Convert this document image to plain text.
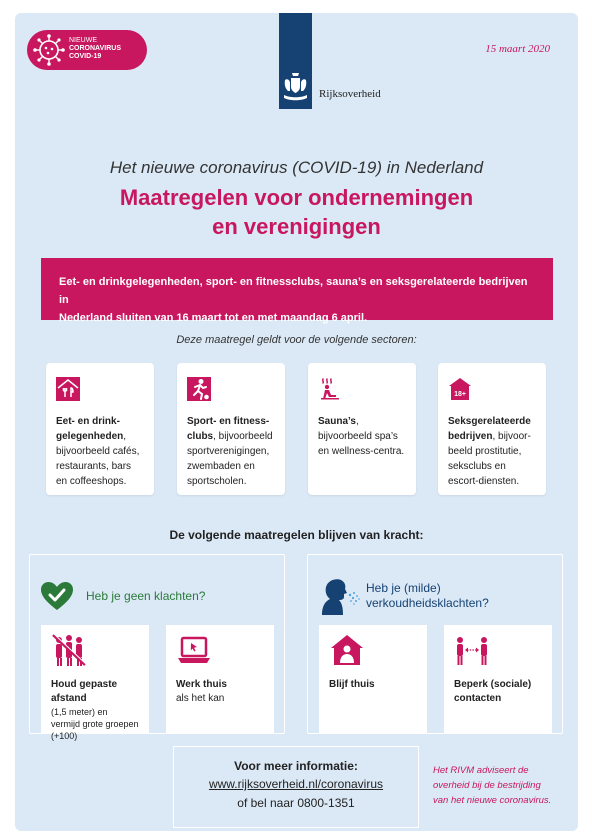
NIEUWE
CORONAVIRUS
COVID-19
15 maart 2020
Rijksoverheid
Het nieuwe coronavirus (COVID-19) in Nederland
Maatregelen voor ondernemingen
en verenigingen
Eet- en drinkgelegenheden, sport- en fitnessclubs, sauna’s en seksgerelateerde bedrijven in
Nederland sluiten van 16 maart tot en met maandag 6 april.
Deze maatregel geldt voor de volgende sectoren:
Eet- en drink-gelegenheden, bijvoorbeeld cafés, restaurants, bars en coffeeshops.
Sport- en fitness-clubs, bijvoorbeeld sportverenigingen, zwembaden en sportscholen.
Sauna’s, bijvoorbeeld spa’s en wellness-centra.
18+
Seksgerelateerde bedrijven, bijvoor-beeld prostitutie, seksclubs en escort-diensten.
De volgende maatregelen blijven van kracht:
Heb je geen klachten?
Houd gepaste afstand
(1,5 meter) en vermijd grote groepen (+100)
Werk thuis
als het kan
Heb je (milde)
verkoudheidsklachten?
Blijf thuis	Beperk (sociale)
contacten
Voor meer informatie:
www.rijksoverheid.nl/coronavirus
of bel naar 0800-1351
Het RIVM adviseert de
overheid bij de bestrijding
van het nieuwe coronavirus.
